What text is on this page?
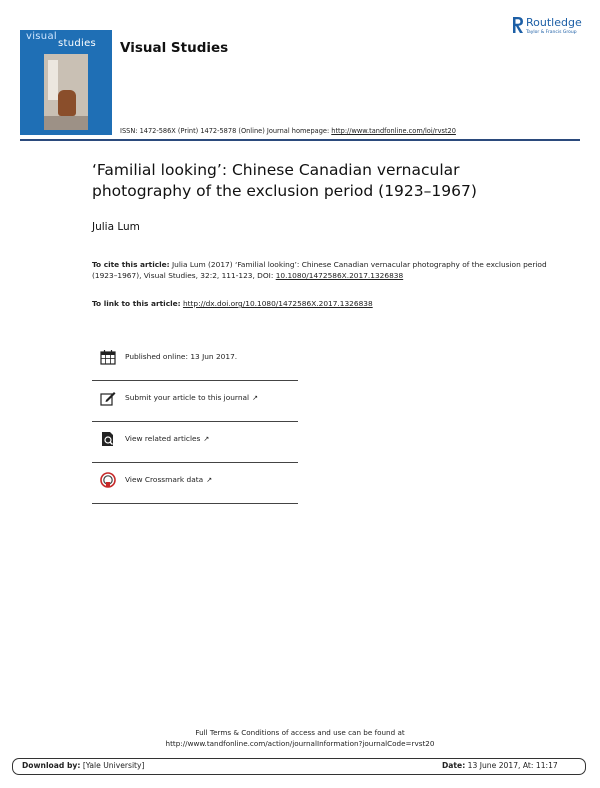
visual
studies Visual Studies
Routledge
Taylor & Francis Group
ISSN: 1472-586X (Print) 1472-5878 (Online) Journal homepage: http://www.tandfonline.com/loi/rvst20
‘Familial looking’: Chinese Canadian vernacular photography of the exclusion period (1923–1967)
Julia Lum
To cite this article: Julia Lum (2017) ‘Familial looking’: Chinese Canadian vernacular photography of the exclusion period (1923–1967), Visual Studies, 32:2, 111-123, DOI: 10.1080/1472586X.2017.1326838
To link to this article: http://dx.doi.org/10.1080/1472586X.2017.1326838
Published online: 13 Jun 2017.
Submit your article to this journal ↗
View related articles ↗
View Crossmark data ↗
Full Terms & Conditions of access and use can be found at
http://www.tandfonline.com/action/journalInformation?journalCode=rvst20
Download by: [Yale University]	Date: 13 June 2017, At: 11:17
